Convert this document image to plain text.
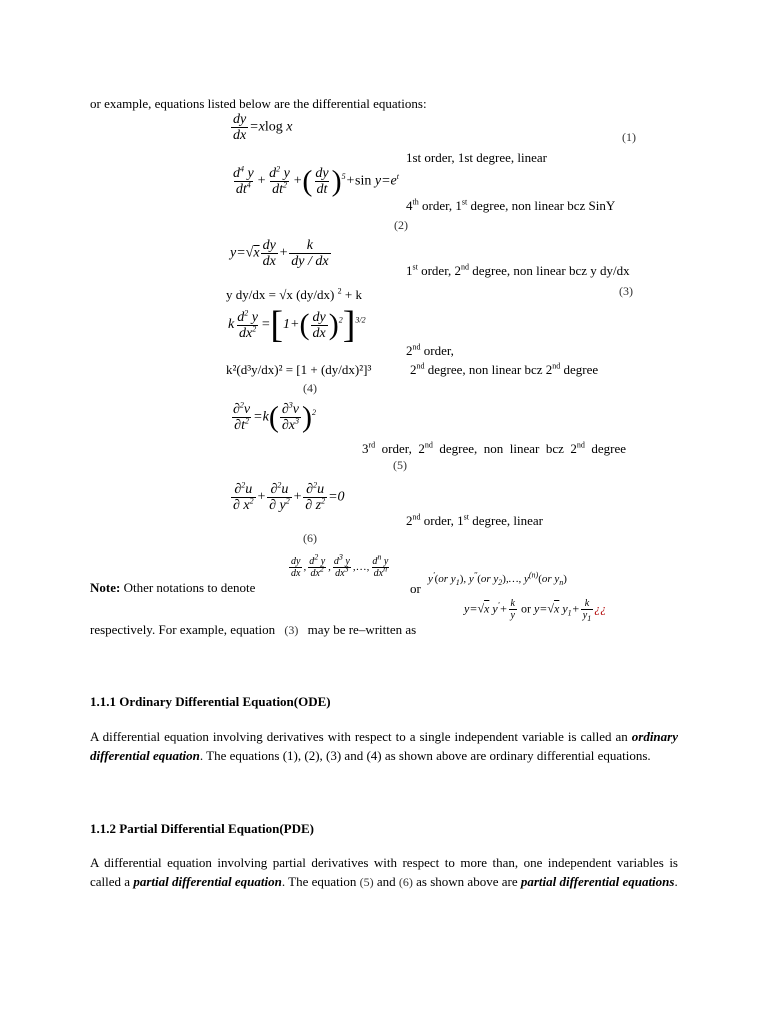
or example, equations listed below are the differential equations:
$\frac{dy}{dx} =xlog$ x
( 1 )
1st order, 1st degree, linear
$\frac{d^4 y}{dt^4} + \frac{d^2 y}{dt^2}$ +( $\frac{dy}{dt} )^5+\sin$ $y=e^t$
4th order, 1st degree, non linear bcz SinY
( 2 )
$y=√x \frac{dy}{dx} + \frac{k}{dy / dx}$
1st order, 2nd degree, non linear bcz y dy/dx
y dy/dx = √x (dy/dx) $^2$ + k	( 3 )
k $\frac{d^2 y}{dx^2} =[1+( \frac{dy}{dx} )^2]^{3/2}$
2nd order,
k²(d³y/dx)² = [1 + (dy/dx)²]³	2nd degree, non linear bcz 2nd degree
( 4 )
$\frac{\partial^2v}{\partial t^2} =k( \frac{\partial^3v}{\partial x^3} )^2$
3rd  order,  2nd  degree,  non  linear  bcz  2nd  degree
( 5 )
$\frac{\partial^2u}{\partial x^2} + \frac{\partial^2u}{\partial y^2} + \frac{\partial^2u}{\partial z^2} =0$
2nd order, 1st degree, linear
( 6 )
Note: Other notations to denote
$\frac{dy}{dx}$ , $\frac{d^2 y}{dx^2}$ , $\frac{d^3 y}{dx^3}$ ,…, $\frac{d^n y}{dx^n}$
or
y'(or $y_1$), y''(or $y_2),\dots$, $y^{(n)}(or$ $y_n$)
y=√x $y'+ \frac{k}{y}$ or y=√x $y_1+ \frac{k}{y_1}$ ¿¿
respectively. For example, equation ( 3 ) may be re–written as
1.1.1 Ordinary Differential Equation(ODE)
A differential equation involving derivatives with respect to a single independent variable is called an ordinary differential equation. The equations (1), (2), (3) and (4) as shown above are ordinary differential equations.
1.1.2 Partial Differential Equation(PDE)
A differential equation involving partial derivatives with respect to more than, one independent variables is called a partial differential equation. The equation ( 5 ) and ( 6 ) as shown above are partial differential equations.
